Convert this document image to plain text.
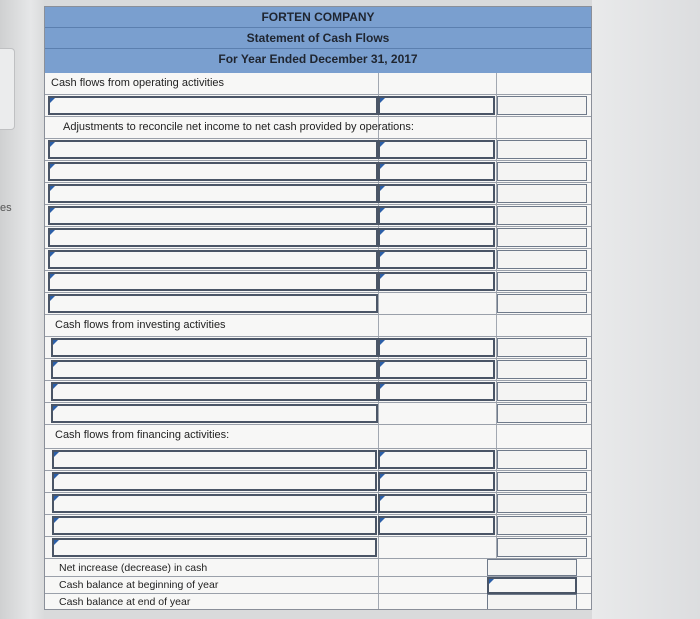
es
FORTEN COMPANY
Statement of Cash Flows
For Year Ended December 31, 2017
Cash flows from operating activities
Adjustments to reconcile net income to net cash provided by operations:
Cash flows from investing activities
Cash flows from financing activities:
Net increase (decrease) in cash
Cash balance at beginning of year
Cash balance at end of year
